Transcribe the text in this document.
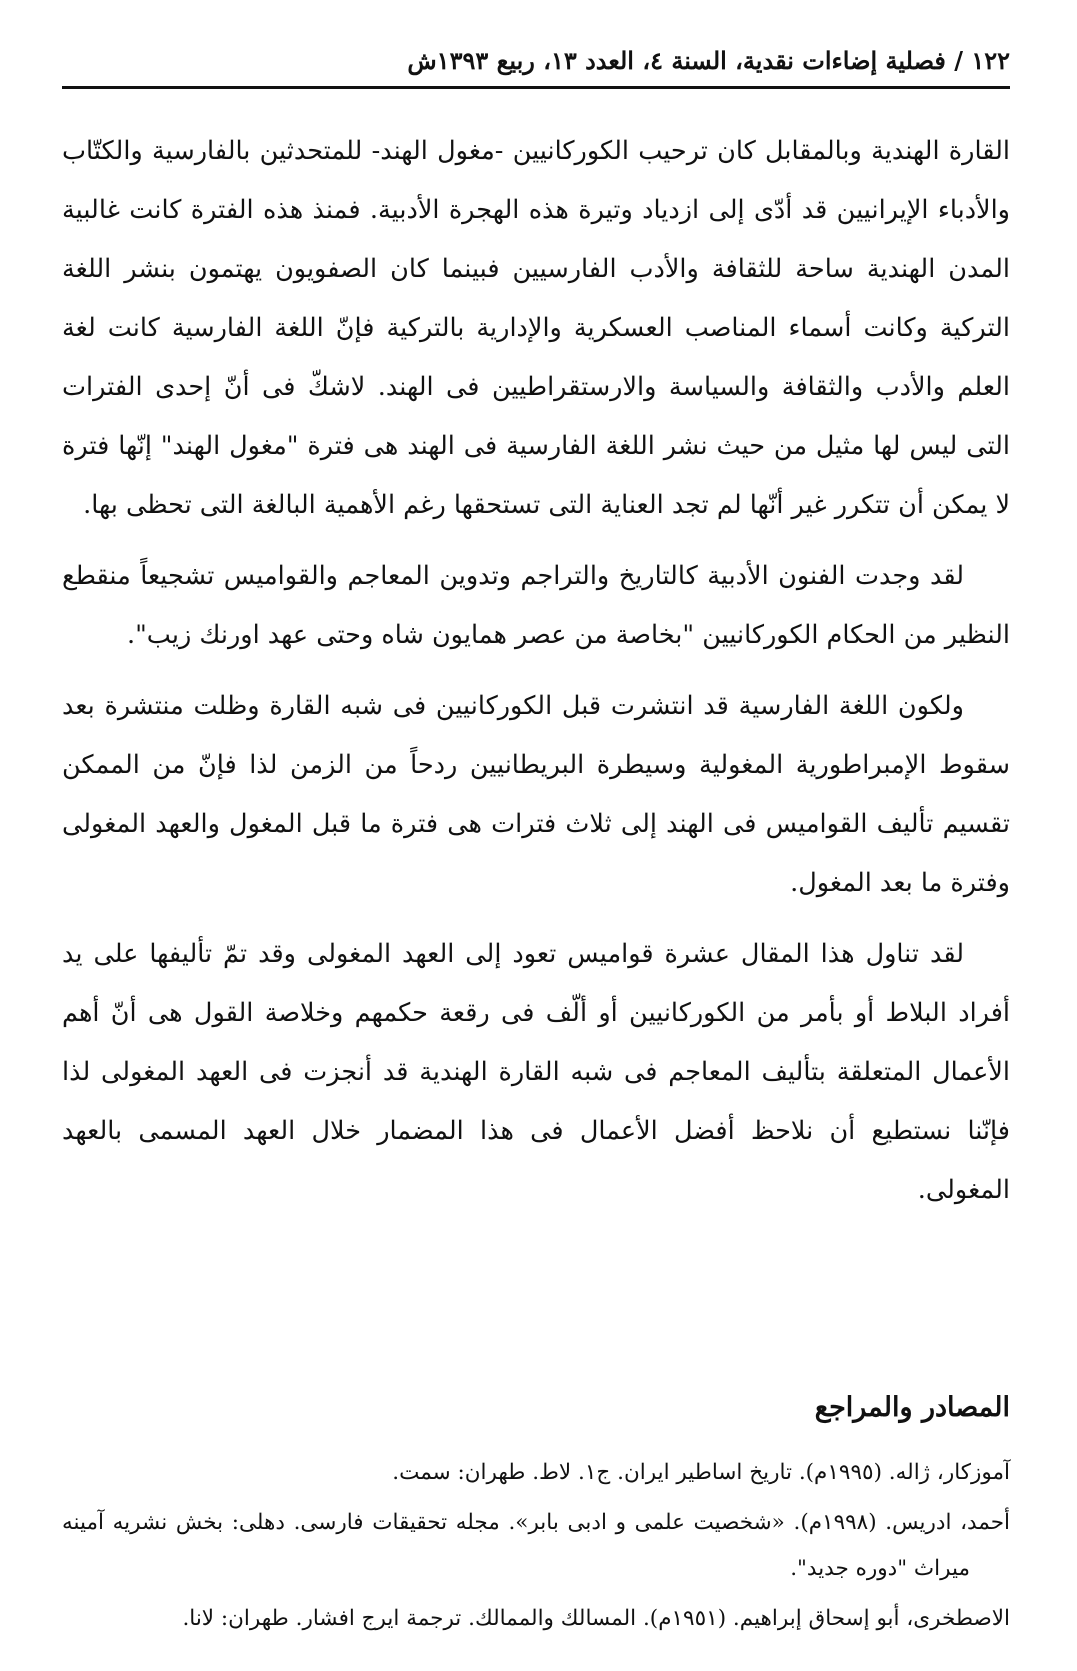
١٢٢ / فصلية إضاءات نقدية، السنة ٤، العدد ١٣، ربيع ١٣٩٣ش

القارة الهندية وبالمقابل كان ترحيب الكوركانيين -مغول الهند- للمتحدثين بالفارسية والكتّاب والأدباء الإيرانيين قد أدّى إلى ازدياد وتيرة هذه الهجرة الأدبية. فمنذ هذه الفترة كانت غالبية المدن الهندية ساحة للثقافة والأدب الفارسيين فبينما كان الصفويون يهتمون بنشر اللغة التركية وكانت أسماء المناصب العسكرية والإدارية بالتركية فإنّ اللغة الفارسية كانت لغة العلم والأدب والثقافة والسياسة والارستقراطيين فى الهند. لاشكّ فى أنّ إحدى الفترات التى ليس لها مثيل من حيث نشر اللغة الفارسية فى الهند هى فترة "مغول الهند" إنّها فترة لا يمكن أن تتكرر غير أنّها لم تجد العناية التى تستحقها رغم الأهمية البالغة التى تحظى بها.

لقد وجدت الفنون الأدبية كالتاريخ والتراجم وتدوين المعاجم والقواميس تشجيعاً منقطع النظير من الحكام الكوركانيين "بخاصة من عصر همايون شاه وحتى عهد اورنك زيب".

ولكون اللغة الفارسية قد انتشرت قبل الكوركانيين فى شبه القارة وظلت منتشرة بعد سقوط الإمبراطورية المغولية وسيطرة البريطانيين ردحاً من الزمن لذا فإنّ من الممكن تقسيم تأليف القواميس فى الهند إلى ثلاث فترات هى فترة ما قبل المغول والعهد المغولى وفترة ما بعد المغول.

لقد تناول هذا المقال عشرة قواميس تعود إلى العهد المغولى وقد تمّ تأليفها على يد أفراد البلاط أو بأمر من الكوركانيين أو ألّف فى رقعة حكمهم وخلاصة القول هى أنّ أهم الأعمال المتعلقة بتأليف المعاجم فى شبه القارة الهندية قد أنجزت فى العهد المغولى لذا فإنّنا نستطيع أن نلاحظ أفضل الأعمال فى هذا المضمار خلال العهد المسمى بالعهد المغولى.

المصادر والمراجع
آموزكار، ژاله. (١٩٩٥م). تاريخ اساطير ايران. ج١. لاط. طهران: سمت.
أحمد، ادريس. (١٩٩٨م). «شخصيت علمى و ادبى بابر». مجله تحقيقات فارسى. دهلى: بخش نشريه آمينه ميراث "دوره جديد".
الاصطخرى، أبو إسحاق إبراهيم. (١٩٥١م). المسالك والممالك. ترجمة ايرج افشار. طهران: لانا.
